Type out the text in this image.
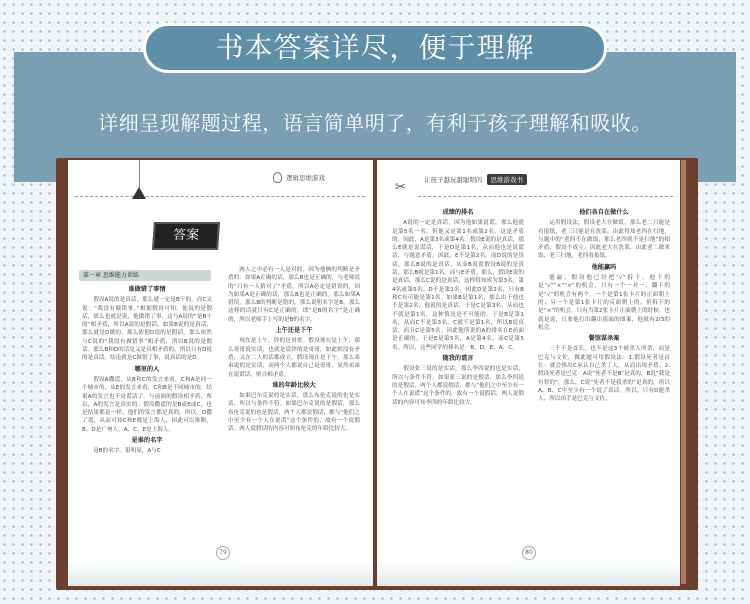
书本答案详尽，便于理解
详细呈现解题过程，语言简单明了，有利于孩子理解和吸收。
逻辑思维游戏
答案
第一章 思维能力训练
谁做错了事情
假设A说的是真话，那么就一定是B干的，而C又说：“我没有做错事。”根据假设可知，他说的是假话，那么也就是说，他做错了事，这与A说的“是B干的”相矛盾，所以A说的是假话。如果B说的是真话，那么就是D做的，那么依据D说的是假话，那么依然与C说的“我没有做错事”相矛盾，所以B说的是假话。那么B和D的话是又是真相矛盾的，所以只有D说的是真话。结论就是C做错了事，说真话的是D。
哪里的人
假设A撒谎，从B和C的发言来看，C和A是同一个城市的，从E的发言来看，C和B是不同城市的，结果A的发言也不是谎话了。与前面的假设相矛盾，所以，A的发言是真实的。假设撒谎的是B或E或C，也是结果都是一样，他们的发言都是真的。所以，D撒了谎，从而可知C和E都是上海人，因此可以推断，B、D是广州人，A、C、E是上海人。
是谁的名字
是B的名字。很明显，A与C
两人之中必有一人是对的，因为他俩的判断是矛盾的：如果A正确的话，那么B也是正确的，与老师说的“只有一人猜对了”矛盾，所以A必定是错误的，因为如果A是正确的话，那么B也是正确的。那么如果A错误，那么B的判断是错的，那么说明名字是B，那么这样的话就只有C是正确的，即“是B的名字”是正确的，所以老师手上写的是B的名字。
上午还是下午
现在是上午，锌的是哥哥。假设现在是上午，那么哥哥说实话，也就是说锌的是哥哥，如此则没有矛盾，又在二人的话都成立。假设现在是下午，那么弟弟说的是实话，而两个人都说自己是哥哥，显然弟弟在说谎话，则自相矛盾。
谁的年龄比较大
如果巴尔克说的是实话，那么布伦克说的也是实话，所以与条件不符。如果巴尔克说的是假话，那么布伦克说的也是假话，两个人都说假话，都与“他们之中至少有一个人在说谎”这个条件的，故有一个说假话。两人说假话的内容可知布伦克的年龄比较大。
79
✂	让孩子越玩越聪明的	思维游戏书
成绩的排名
A说的一定是真话，因为他如果说谎，那么他就是第5名一名，但他又是第1名或第2名，这是矛盾的。因此，A是第3名或第4名。假设E说的是真话，那么E就是说谎话，于是D是第1名，从而他也是说谎话，与题意矛盾。因此，E不是第2名。而D说的是真话，那么B说的是真话，从而B说谎假设B说的是真话，那么B就是第1名，而与E矛盾。那么，假设E说的是真话，那么C说的是真话，这样得知成为第3名，第4名或第5名。D不是第1名，因此D是第2名，只有B和C有可能是第1名。如果B是第1名，那么由于他也不是第2名，他说的是真话，于是C是第3名，从而也不就是第1名。这种情况是不可能的。于是B是第1名，从而C不是第3名，C就不是第1名，所以B说真话，而且C是第5名。因此他所说的A的排名在E前面是正确的。于是E是第5名，A是第4名，而C是第5名。所以，这些同学的排名是：B、D、E、A、C。
随我的谎言
假设张三说的是实话，那么李四说的也是实话，所以与条件不符。如果张三说的是假话，那么李四说的是假话，两个人都说假话，都与“他们之中至少有一个人在说谎”这个条件的，故有一个说假话。两人说假话的内容可知李四的年龄比较大。
他们各自在做什么
运用假设法，假设老大在做饭，那么老二只能是看报纸，老三只能是在洗菜，由此得知老四在扫地，与题中的“老四不在做饭，那么老四就不是扫地”的相矛盾，假设不成立。因此老大在洗菜，由此老二做米饭，老三扫地，老四看报纸。
他能赢吗
能赢。假设他已经把“√”拆下，他下的是“√”“×”“×”的机会，只有一个一对一，翻下的是“√”的机会有两个。一个是第1张卡片的正面朝上的；另一个是第1张卡片的反面朝上的。但拆下的是“×”的机会，只有当第2张卡片正面朝上的时候。也就是说，只要他打出翻出那面的图案，他就有2/3的机会。
餐馆谋杀案
三个不是首长，也不是这3个被杀人所杀，而是巴克与文佐。做此题可用假设法：1.假设死者是首长：就会推出C承认自己杀了人，从而出现矛盾。2.假设死者是巴克：A说“死者不是B”是真的，B说“我是有罪的”，那么，C说“死者不是我杀的”是真的，所以A、B、C中至少有一个说了真话。所以，只有D能杀人，所以凶手是巴克与文佐。
80
